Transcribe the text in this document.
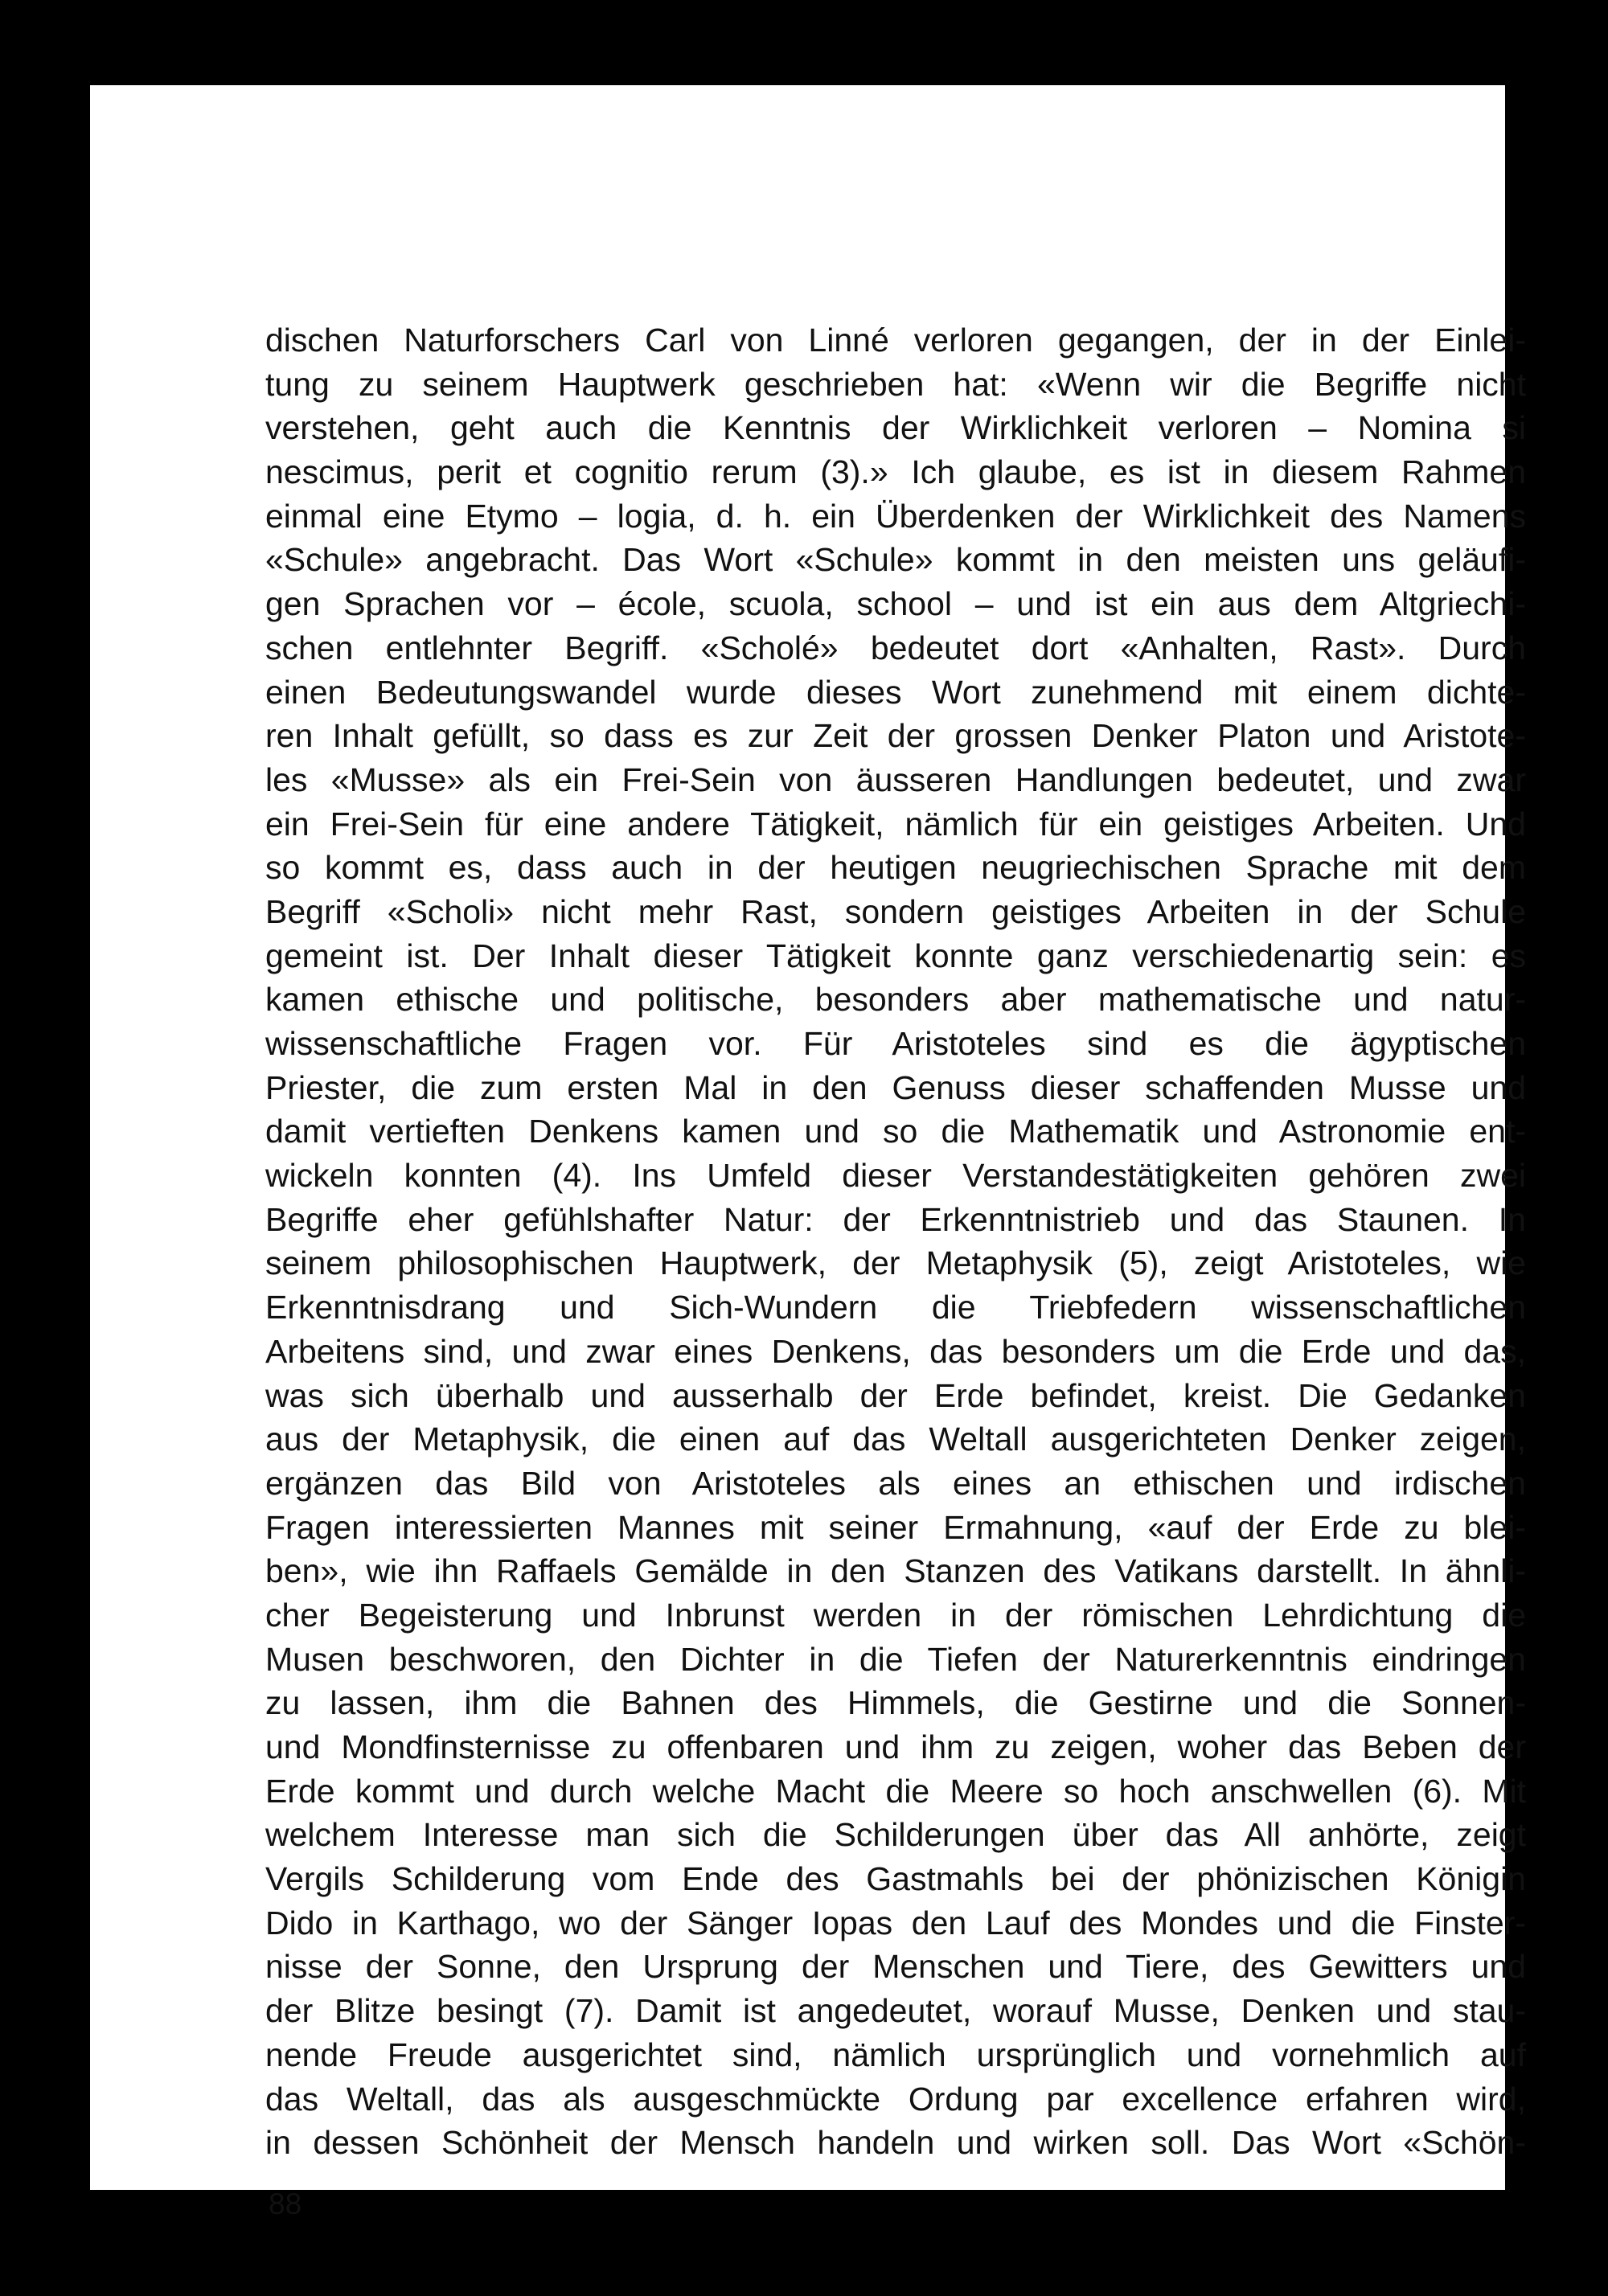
dischen Naturforschers Carl von Linné verloren gegangen, der in der Einlei-
tung zu seinem Hauptwerk geschrieben hat: «Wenn wir die Begriffe nicht
verstehen, geht auch die Kenntnis der Wirklichkeit verloren – Nomina si
nescimus, perit et cognitio rerum (3).» Ich glaube, es ist in diesem Rahmen
einmal eine Etymo – logia, d. h. ein Überdenken der Wirklichkeit des Namens
«Schule» angebracht. Das Wort «Schule» kommt in den meisten uns geläufi-
gen Sprachen vor – école, scuola, school – und ist ein aus dem Altgriechi-
schen entlehnter Begriff. «Scholé» bedeutet dort «Anhalten, Rast». Durch
einen Bedeutungswandel wurde dieses Wort zunehmend mit einem dichte-
ren Inhalt gefüllt, so dass es zur Zeit der grossen Denker Platon und Aristote-
les «Musse» als ein Frei-Sein von äusseren Handlungen bedeutet, und zwar
ein Frei-Sein für eine andere Tätigkeit, nämlich für ein geistiges Arbeiten. Und
so kommt es, dass auch in der heutigen neugriechischen Sprache mit dem
Begriff «Scholi» nicht mehr Rast, sondern geistiges Arbeiten in der Schule
gemeint ist. Der Inhalt dieser Tätigkeit konnte ganz verschiedenartig sein: es
kamen ethische und politische, besonders aber mathematische und natur-
wissenschaftliche Fragen vor. Für Aristoteles sind es die ägyptischen
Priester, die zum ersten Mal in den Genuss dieser schaffenden Musse und
damit vertieften Denkens kamen und so die Mathematik und Astronomie ent-
wickeln konnten (4). Ins Umfeld dieser Verstandestätigkeiten gehören zwei
Begriffe eher gefühlshafter Natur: der Erkenntnistrieb und das Staunen. In
seinem philosophischen Hauptwerk, der Metaphysik (5), zeigt Aristoteles, wie
Erkenntnisdrang und Sich-Wundern die Triebfedern wissenschaftlichen
Arbeitens sind, und zwar eines Denkens, das besonders um die Erde und das,
was sich überhalb und ausserhalb der Erde befindet, kreist. Die Gedanken
aus der Metaphysik, die einen auf das Weltall ausgerichteten Denker zeigen,
ergänzen das Bild von Aristoteles als eines an ethischen und irdischen
Fragen interessierten Mannes mit seiner Ermahnung, «auf der Erde zu blei-
ben», wie ihn Raffaels Gemälde in den Stanzen des Vatikans darstellt. In ähnli-
cher Begeisterung und Inbrunst werden in der römischen Lehrdichtung die
Musen beschworen, den Dichter in die Tiefen der Naturerkenntnis eindringen
zu lassen, ihm die Bahnen des Himmels, die Gestirne und die Sonnen-
und Mondfinsternisse zu offenbaren und ihm zu zeigen, woher das Beben der
Erde kommt und durch welche Macht die Meere so hoch anschwellen (6). Mit
welchem Interesse man sich die Schilderungen über das All anhörte, zeigt
Vergils Schilderung vom Ende des Gastmahls bei der phönizischen Königin
Dido in Karthago, wo der Sänger Iopas den Lauf des Mondes und die Finster-
nisse der Sonne, den Ursprung der Menschen und Tiere, des Gewitters und
der Blitze besingt (7). Damit ist angedeutet, worauf Musse, Denken und stau-
nende Freude ausgerichtet sind, nämlich ursprünglich und vornehmlich auf
das Weltall, das als ausgeschmückte Ordung par excellence erfahren wird,
in dessen Schönheit der Mensch handeln und wirken soll. Das Wort «Schön-
88
